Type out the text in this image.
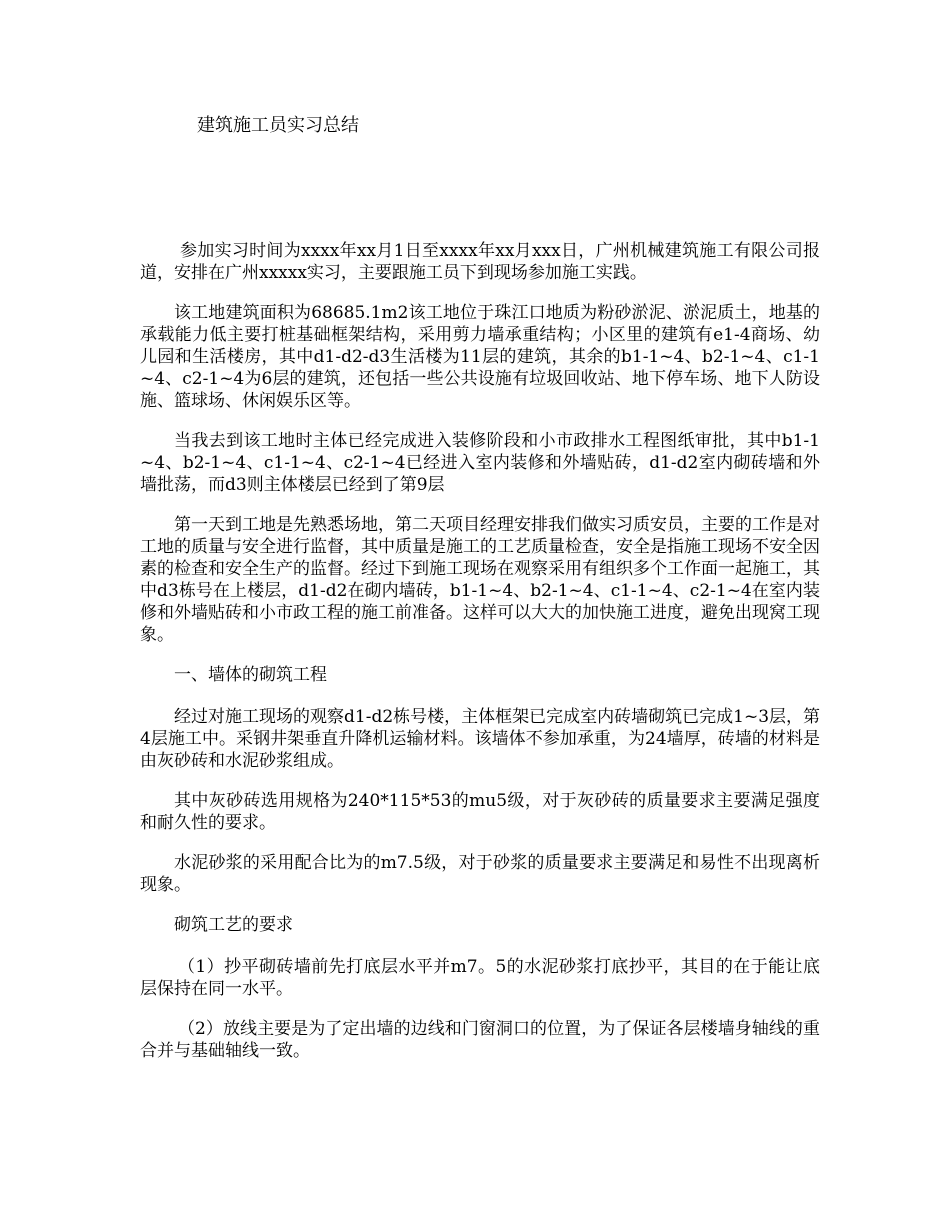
建筑施工员实习总结

参加实习时间为xxxx年xx月1日至xxxx年xx月xxx日，广州机械建筑施工有限公司报道，安排在广州xxxxx实习，主要跟施工员下到现场参加施工实践。

该工地建筑面积为68685.1m2该工地位于珠江口地质为粉砂淤泥、淤泥质土，地基的承载能力低主要打桩基础框架结构，采用剪力墙承重结构；小区里的建筑有e1-4商场、幼儿园和生活楼房，其中d1-d2-d3生活楼为11层的建筑，其余的b1-1~4、b2-1~4、c1-1~4、c2-1~4为6层的建筑，还包括一些公共设施有垃圾回收站、地下停车场、地下人防设施、篮球场、休闲娱乐区等。

当我去到该工地时主体已经完成进入装修阶段和小市政排水工程图纸审批，其中b1-1~4、b2-1~4、c1-1~4、c2-1~4已经进入室内装修和外墙贴砖，d1-d2室内砌砖墙和外墙批荡，而d3则主体楼层已经到了第9层

第一天到工地是先熟悉场地，第二天项目经理安排我们做实习质安员，主要的工作是对工地的质量与安全进行监督，其中质量是施工的工艺质量检查，安全是指施工现场不安全因素的检查和安全生产的监督。经过下到施工现场在观察采用有组织多个工作面一起施工，其中d3栋号在上楼层，d1-d2在砌内墙砖，b1-1~4、b2-1~4、c1-1~4、c2-1~4在室内装修和外墙贴砖和小市政工程的施工前准备。这样可以大大的加快施工进度，避免出现窝工现象。

一、墙体的砌筑工程

经过对施工现场的观察d1-d2栋号楼，主体框架已完成室内砖墙砌筑已完成1~3层，第4层施工中。采钢井架垂直升降机运输材料。该墙体不参加承重，为24墙厚，砖墙的材料是由灰砂砖和水泥砂浆组成。

其中灰砂砖选用规格为240*115*53的mu5级，对于灰砂砖的质量要求主要满足强度和耐久性的要求。

水泥砂浆的采用配合比为的m7.5级，对于砂浆的质量要求主要满足和易性不出现离析现象。

砌筑工艺的要求

（1）抄平砌砖墙前先打底层水平并m7。5的水泥砂浆打底抄平，其目的在于能让底层保持在同一水平。

（2）放线主要是为了定出墙的边线和门窗洞口的位置，为了保证各层楼墙身轴线的重合并与基础轴线一致。
